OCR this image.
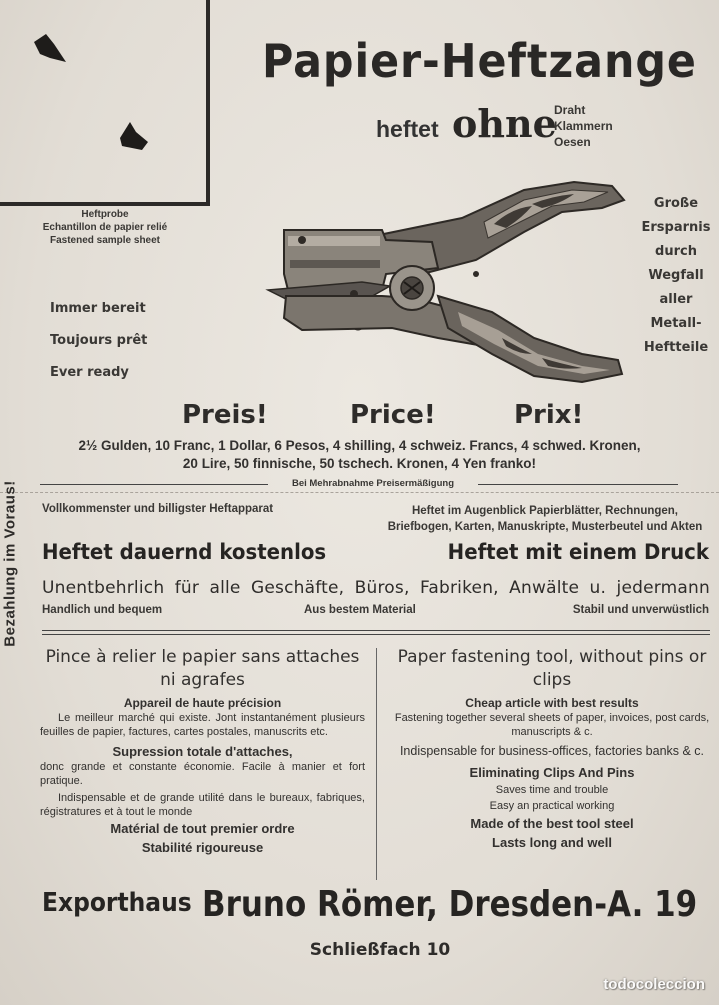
Heftprobe
Echantillon de papier relié
Fastened sample sheet
Papier-Heftzange
heftet ohne
Draht
Klammern
Oesen
Immer bereit
Toujours prêt
Ever ready
Große
Ersparnis
durch
Wegfall
aller
Metall-
Heftteile
Preis!	Price!	Prix!
2½ Gulden, 10 Franc, 1 Dollar, 6 Pesos, 4 shilling, 4 schweiz. Francs, 4 schwed. Kronen,
20 Lire, 50 finnische, 50 tschech. Kronen, 4 Yen franko!
Bei Mehrabnahme Preisermäßigung
Bezahlung im Voraus! Vollkommenster und billigster Heftapparat	Heftet im Augenblick Papierblätter, Rechnungen, Briefbogen, Karten, Manuskripte, Musterbeutel und Akten
Heftet dauernd kostenlos	Heftet mit einem Druck
Unentbehrlich für alle Geschäfte, Büros, Fabriken, Anwälte u. jedermann
Handlich und bequem	Aus bestem Material	Stabil und unverwüstlich
Pince à relier le papier sans attaches ni agrafes
Appareil de haute précision
Le meilleur marché qui existe. Jont instantanément plusieurs feuilles de papier, factures, cartes postales, manuscrits etc.
Supression totale d'attaches,
donc grande et constante économie. Facile à manier et fort pratique.
Indispensable et de grande utilité dans le bureaux, fabriques, régistratures et à tout le monde
Matérial de tout premier ordre
Stabilité rigoureuse
Paper fastening tool, without pins or clips
Cheap article with best results
Fastening together several sheets of paper, invoices, post cards, manuscripts & c.
Indispensable for business-offices, factories banks & c.
Eliminating Clips And Pins
Saves time and trouble
Easy an practical working
Made of the best tool steel
Lasts long and well
Exporthaus Bruno Römer, Dresden-A. 19
Schließfach 10
todocoleccion
